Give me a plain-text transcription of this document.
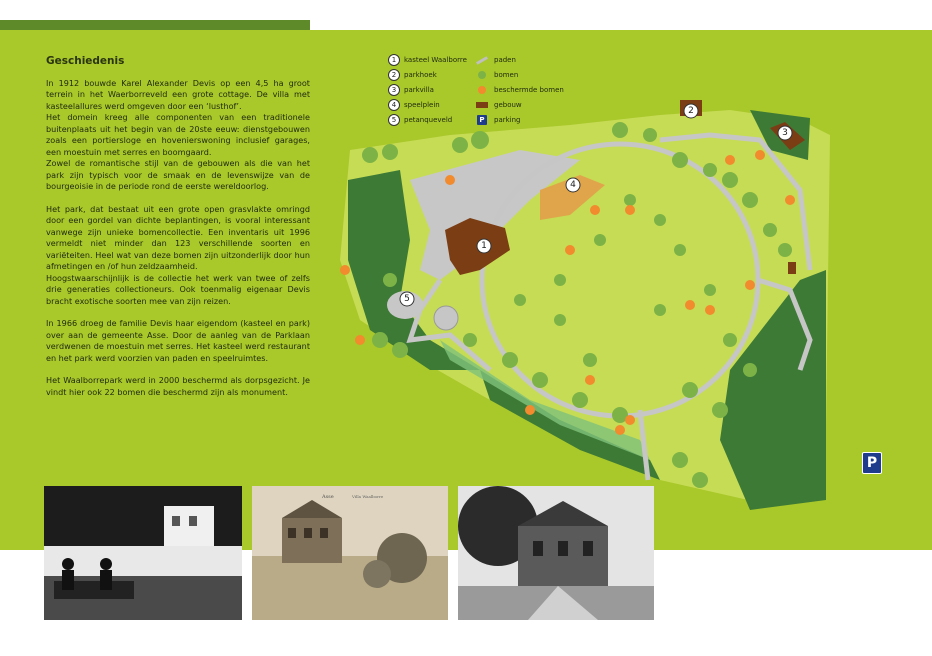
Geschiedenis

In 1912 bouwde Karel Alexander Devis op een 4,5 ha groot terrein in het Waerborreveld een grote cottage. De villa met kasteelallures werd omgeven door een ‘lusthof’.
Het domein kreeg alle componenten van een traditionele buitenplaats uit het begin van de 20ste eeuw: dienstgebouwen zoals een portiersloge en hoveniersw​oning inclusief garages, een moestuin met serres en boomgaard.
Zowel de romantische stijl van de gebouwen als die van het park zijn typisch voor de smaak en de levenswijze van de bourgeoisie in de periode rond de eerste wereldoorlog.

Het park, dat bestaat uit een grote open grasvlakte omringd door een gordel van dichte beplantingen, is vooral interessant vanwege zijn unieke bomencollectie. Een inventaris uit 1996 vermeldt niet minder dan 123 verschillende soorten en variëteiten. Heel wat van deze bomen zijn uitzonderlijk door hun afmetingen en /of hun zeldzaamheid.
Hoogstwaarschijnlijk is de collectie het werk van twee of zelfs drie generaties collectioneurs. Ook toenmalig eigenaar Devis bracht exotische soorten mee van zijn reizen.

In 1966 droeg de familie Devis haar eigendom (kasteel en park) over aan de gemeente Asse. Door de aanleg van de Parklaan verdwenen de moestuin met serres. Het kasteel werd restaurant en het park werd voorzien van paden en speelruimtes.

Het Waalborrepark werd in 2000 beschermd als dorpsgezicht. Je vindt hier ook 22 bomen die beschermd zijn als monument.

1
2
3
4
5
1	kasteel Waalborre
2	parkhoek
3	parkvilla
4	speelplein
5	petanqueveld
paden
bomen
beschermde bomen
gebouw
P	parking
P
Asse	Villa Waalborre
